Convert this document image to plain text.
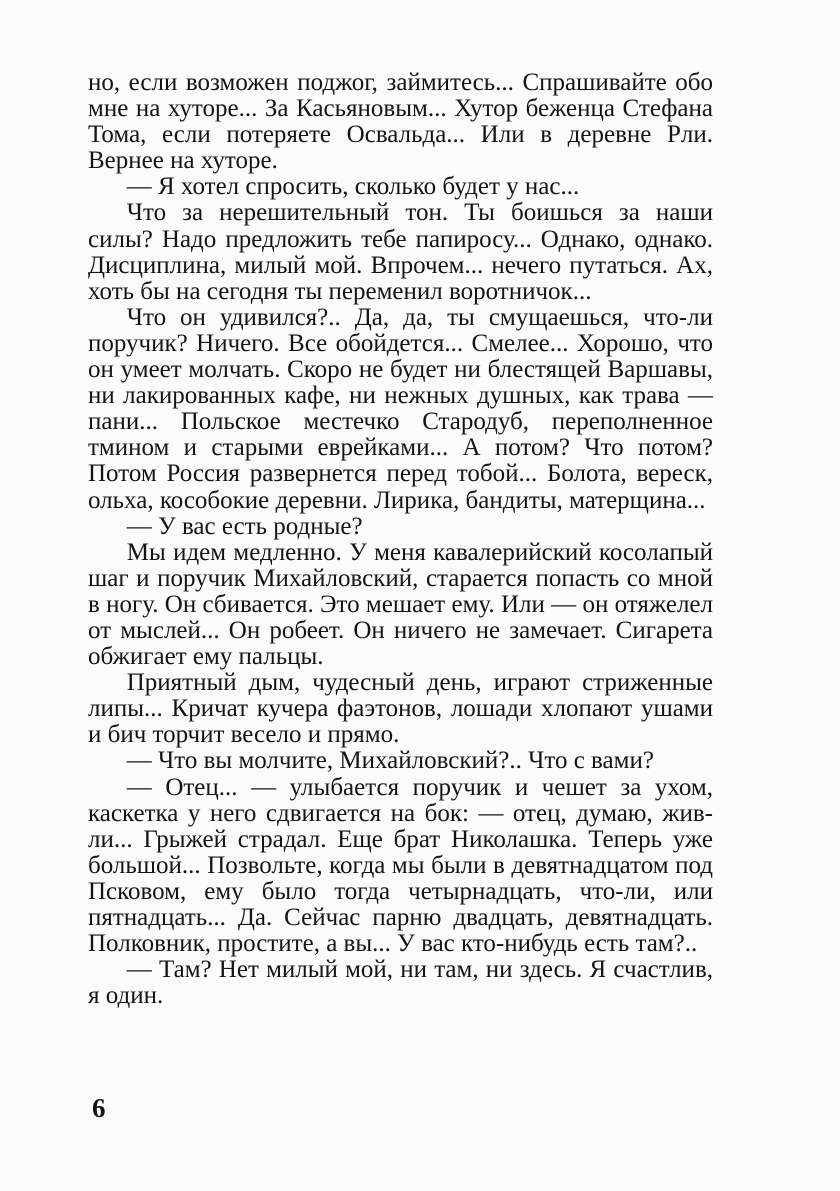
но, если возможен поджог, займитесь... Спрашивайте обо мне на хуторе... За Касьяновым... Хутор беженца Стефана Тома, если потеряете Освальда... Или в деревне Рли. Вернее на хуторе.

— Я хотел спросить, сколько будет у нас...

Что за нерешительный тон. Ты боишься за наши силы? Надо предложить тебе папиросу... Однако, однако. Дисциплина, милый мой. Впрочем... нечего путаться. Ах, хоть бы на сегодня ты переменил воротничок...

Что он удивился?.. Да, да, ты смущаешься, что-ли поручик? Ничего. Все обойдется... Смелее... Хорошо, что он умеет молчать. Скоро не будет ни блестящей Варшавы, ни лакированных кафе, ни нежных душных, как трава — пани... Польское местечко Стародуб, переполненное тмином и старыми еврейками... А потом? Что потом? Потом Россия развернется перед тобой... Болота, вереск, ольха, кособокие деревни. Лирика, бандиты, матерщина...

— У вас есть родные?

Мы идем медленно. У меня кавалерийский косолапый шаг и поручик Михайловский, старается попасть со мной в ногу. Он сбивается. Это мешает ему. Или — он отяжелел от мыслей... Он робеет. Он ничего не замечает. Сигарета обжигает ему пальцы.

Приятный дым, чудесный день, играют стриженные липы... Кричат кучера фаэтонов, лошади хлопают ушами и бич торчит весело и прямо.

— Что вы молчите, Михайловский?.. Что с вами?

— Отец... — улыбается поручик и чешет за ухом, каскетка у него сдвигается на бок: — отец, думаю, жив-ли... Грыжей страдал. Еще брат Николашка. Теперь уже большой... Позвольте, когда мы были в девятнадцатом под Псковом, ему было тогда четырнадцать, что-ли, или пятнадцать... Да. Сейчас парню двадцать, девятнадцать. Полковник, простите, а вы... У вас кто-нибудь есть там?..

— Там? Нет милый мой, ни там, ни здесь. Я счастлив, я один.

6
